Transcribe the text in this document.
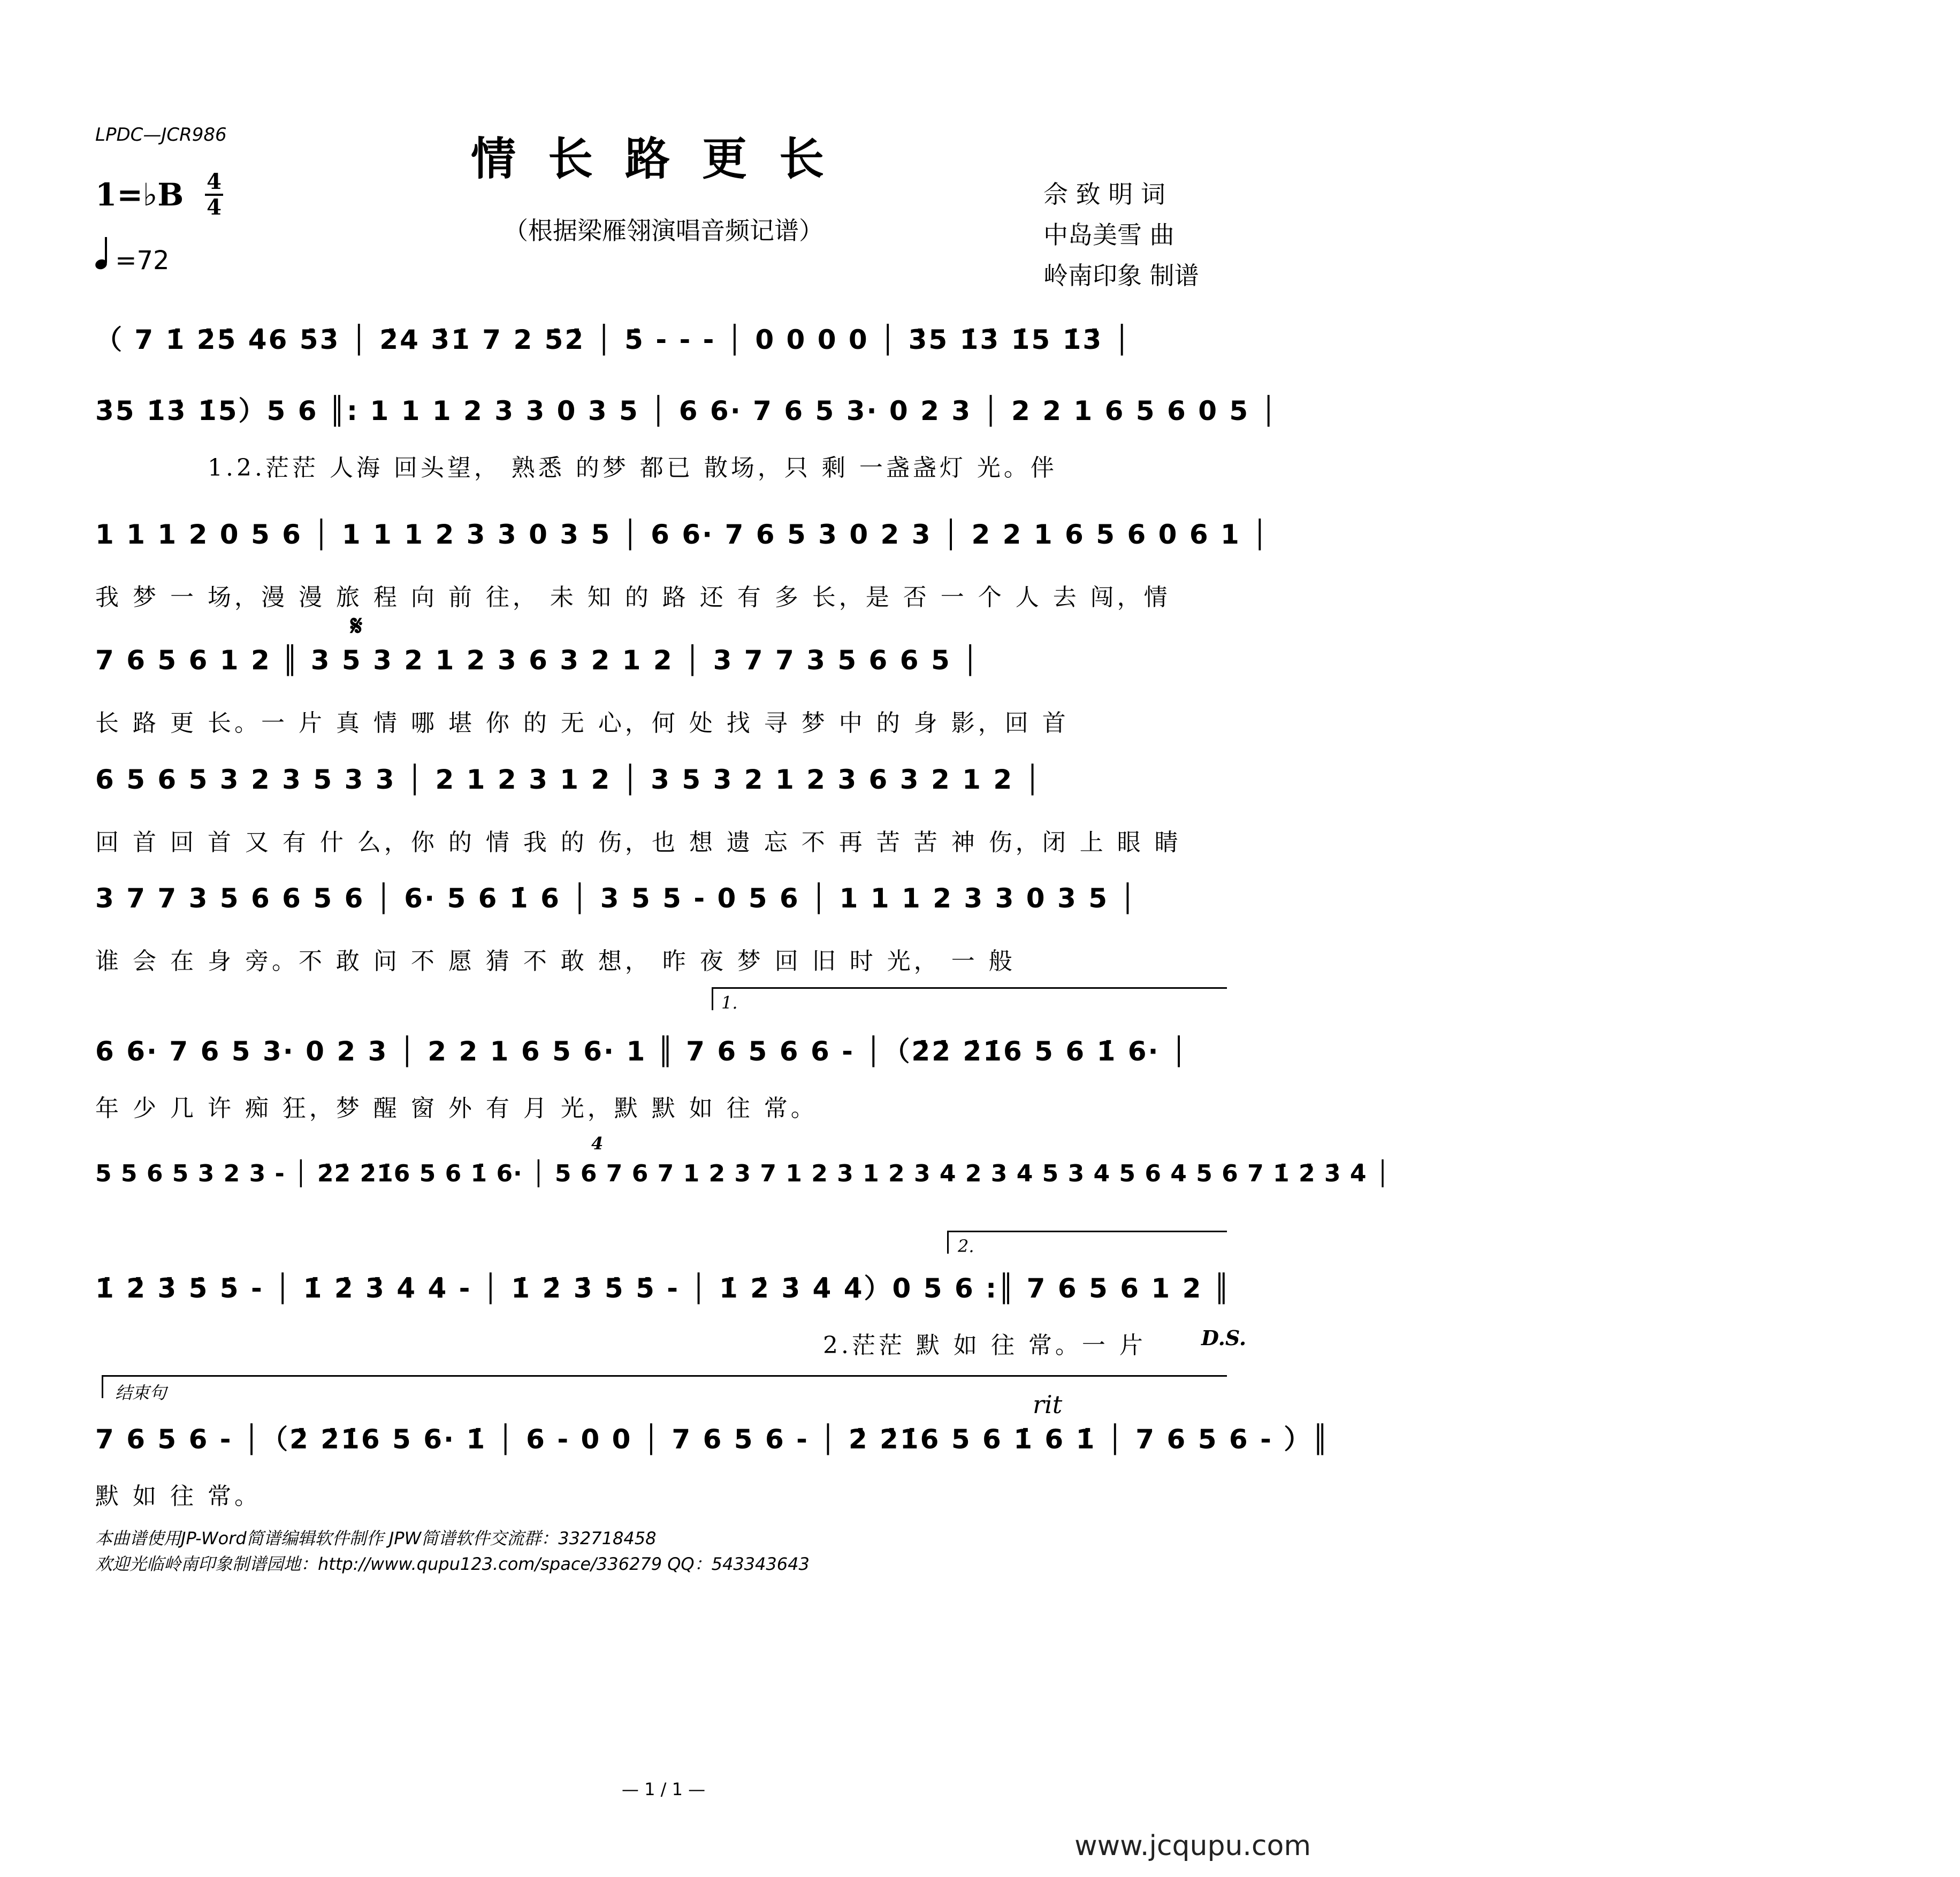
LPDC—JCR986	情长路更长
（根据梁雁翎演唱音频记谱）
1=♭B 4
4
=72
佘 致 明 词
中岛美雪 曲
岭南印象 制谱
（ 7 1̇ 2̇5̇ 4̇6 5̇3̇ │ 2̇4 3̇1̇ 7 2 5̇2̇ │ 5̇ - - - │ 0 0 0 0 │ 3̇5 1̇3̇ 1̇5 1̇3̇ │
3̇5 1̇3̇ 1̇5）5 6 ║: 1 1 1 2 3 3 0 3 5 │ 6 6· 7 6 5 3· 0 2 3 │ 2 2 1 6 5 6 0 5 │
1.2.茫茫 人海 回头望， 熟悉 的梦 都已 散场，只 剩 一盏盏灯 光。伴
1 1 1 2 0 5 6 │ 1 1 1 2 3 3 0 3 5 │ 6 6· 7 6 5 3 0 2 3 │ 2 2 1 6 5 6 0 6 1 │
我 梦 一 场，漫 漫 旅 程 向 前 往， 未 知 的 路 还 有 多 长，是 否 一 个 人 去 闯，情
𝄋
7 6 5 6 1 2 ║ 3 5 3 2 1 2 3 6 3 2 1 2 │ 3 7 7 3 5 6 6 5 │
长 路 更 长。一 片 真 情 哪 堪 你 的 无 心，何 处 找 寻 梦 中 的 身 影，回 首
6 5 6 5 3 2 3 5 3 3 │ 2 1 2 3 1 2 │ 3 5 3 2 1 2 3 6 3 2 1 2 │
回 首 回 首 又 有 什 么，你 的 情 我 的 伤，也 想 遗 忘 不 再 苦 苦 神 伤，闭 上 眼 睛
3 7 7 3 5 6 6 5 6 │ 6· 5 6 1̇ 6 │ 3 5 5 - 0 5 6 │ 1 1 1 2 3 3 0 3 5 │
谁 会 在 身 旁。不 敢 问 不 愿 猜 不 敢 想， 昨 夜 梦 回 旧 时 光， 一 般
1.
6 6· 7 6 5 3· 0 2 3 │ 2 2 1 6 5 6· 1 ║ 7 6 5 6 6 - │（2̇2̇ 2̇1̇6 5 6 1̇ 6· │
年 少 几 许 痴 狂，梦 醒 窗 外 有 月 光，默 默 如 往 常。
4
5 5 6 5 3 2 3 - │ 2̇2̇ 2̇1̇6 5 6 1̇ 6· │ 5 6 7 6 7 1 2 3 7 1 2 3 1 2 3 4 2 3 4 5 3 4 5 6 4 5 6 7 1̇ 2̇ 3̇ 4̇ │
2.
1̇ 2̇ 3̇ 5̇ 5̇ - │ 1̇ 2̇ 3̇ 4̇ 4̇ - │ 1̇ 2̇ 3̇ 5̇ 5̇ - │ 1̇ 2̇ 3̇ 4̇ 4̇）0 5 6 :║ 7 6 5 6 1 2 ║
2.茫茫 默 如 往 常。一 片	D.S.
结束句	rit
7 6 5 6 - │（2̇ 2̇1̇6 5 6· 1̇ │ 6 - 0 0 │ 7 6 5 6 - │ 2̇ 2̇1̇6 5 6 1̇ 6 1̇ │ 7 6 5 6 - ）║
默 如 往 常。
本曲谱使用JP-Word简谱编辑软件制作 JPW简谱软件交流群：332718458
欢迎光临岭南印象制谱园地：http://www.qupu123.com/space/336279 QQ：543343643
— 1 / 1 —
www.jcqupu.com
